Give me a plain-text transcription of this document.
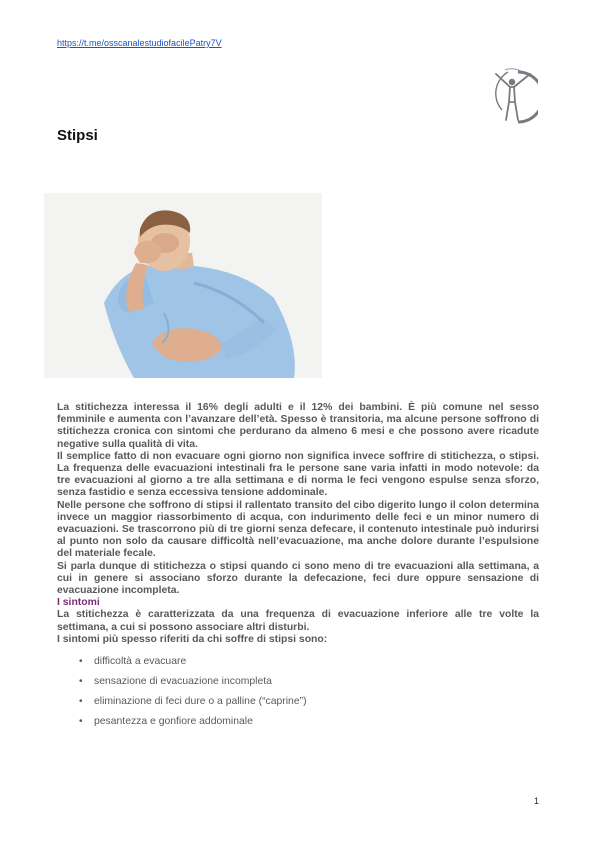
https://t.me/osscanalestudiofacilePatry7V
Stipsi

La stitichezza interessa il 16% degli adulti e il 12% dei bambini. È più comune nel sesso femminile e aumenta con l’avanzare dell’età. Spesso è transitoria, ma alcune persone soffrono di stitichezza cronica con sintomi che perdurano da almeno 6 mesi e che possono avere ricadute negative sulla qualità di vita.

Il semplice fatto di non evacuare ogni giorno non significa invece soffrire di stitichezza, o stipsi. La frequenza delle evacuazioni intestinali fra le persone sane varia infatti in modo notevole: da tre evacuazioni al giorno a tre alla settimana e di norma le feci vengono espulse senza sforzo, senza fastidio e senza eccessiva tensione addominale.

Nelle persone che soffrono di stipsi il rallentato transito del cibo digerito lungo il colon determina invece un maggior riassorbimento di acqua, con indurimento delle feci e un minor numero di evacuazioni. Se trascorrono più di tre giorni senza defecare, il contenuto intestinale può indurirsi al punto non solo da causare difficoltà nell’evacuazione, ma anche dolore durante l’espulsione del materiale fecale.

Si parla dunque di stitichezza o stipsi quando ci sono meno di tre evacuazioni alla settimana, a cui in genere si associano sforzo durante la defecazione, feci dure oppure sensazione di evacuazione incompleta.

I sintomi

La stitichezza è caratterizzata da una frequenza di evacuazione inferiore alle tre volte la settimana, a cui si possono associare altri disturbi.

I sintomi più spesso riferiti da chi soffre di stipsi sono:

• difficoltà a evacuare
• sensazione di evacuazione incompleta
• eliminazione di feci dure o a palline (“caprine”)
• pesantezza e gonfiore addominale
1
